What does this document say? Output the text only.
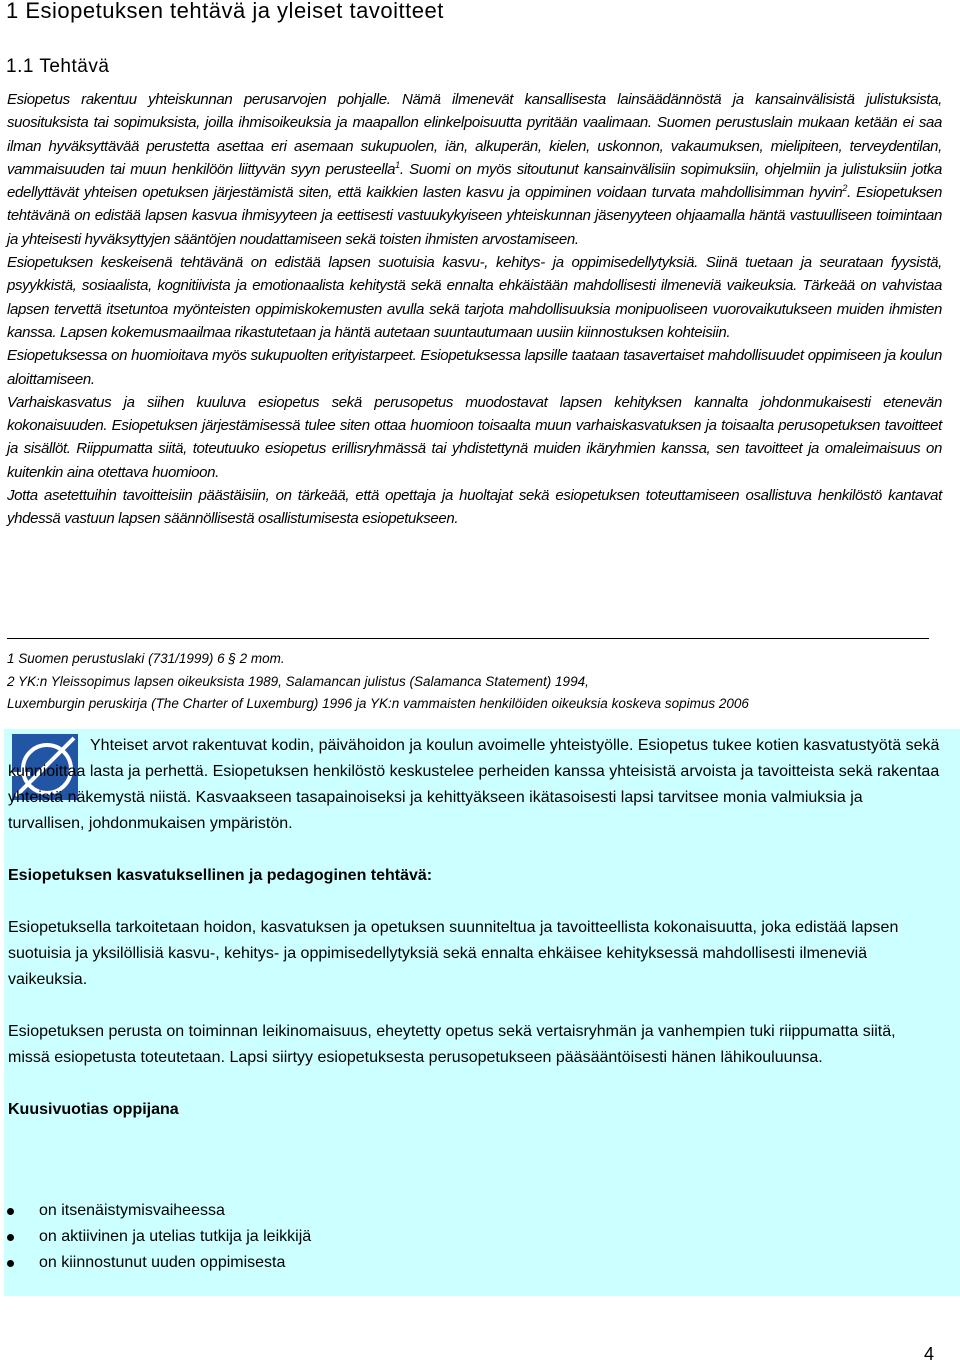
1 Esiopetuksen tehtävä ja yleiset tavoitteet
1.1 Tehtävä

Esiopetus rakentuu yhteiskunnan perusarvojen pohjalle. Nämä ilmenevät kansallisesta lainsäädännöstä ja kansainvälisistä julistuksista, suosituksista tai sopimuksista, joilla ihmisoikeuksia ja maapallon elinkelpoisuutta pyritään vaalimaan. Suomen perustuslain mukaan ketään ei saa ilman hyväksyttävää perustetta asettaa eri asemaan sukupuolen, iän, alkuperän, kielen, uskonnon, vakaumuksen, mielipiteen, terveydentilan, vammaisuuden tai muun henkilöön liittyvän syyn perusteella$^1$. Suomi on myös sitoutunut kansainvälisiin sopimuksiin, ohjelmiin ja julistuksiin jotka edellyttävät yhteisen opetuksen järjestämistä siten, että kaikkien lasten kasvu ja oppiminen voidaan turvata mahdollisimman hyvin$^2$. Esiopetuksen tehtävänä on edistää lapsen kasvua ihmisyyteen ja eettisesti vastuukykyiseen yhteiskunnan jäsenyyteen ohjaamalla häntä vastuulliseen toimintaan ja yhteisesti hyväksyttyjen sääntöjen noudattamiseen sekä toisten ihmisten arvostamiseen.

Esiopetuksen keskeisenä tehtävänä on edistää lapsen suotuisia kasvu-, kehitys- ja oppimisedellytyksiä. Siinä tuetaan ja seurataan fyysistä, psyykkistä, sosiaalista, kognitiivista ja emotionaalista kehitystä sekä ennalta ehkäistään mahdollisesti ilmeneviä vaikeuksia. Tärkeää on vahvistaa lapsen tervettä itsetuntoa myönteisten oppimiskokemusten avulla sekä tarjota mahdollisuuksia monipuoliseen vuorovaikutukseen muiden ihmisten kanssa. Lapsen kokemusmaailmaa rikastutetaan ja häntä autetaan suuntautumaan uusiin kiinnostuksen kohteisiin.

Esiopetuksessa on huomioitava myös sukupuolten erityistarpeet. Esiopetuksessa lapsille taataan tasavertaiset mahdollisuudet oppimiseen ja koulun aloittamiseen.

Varhaiskasvatus ja siihen kuuluva esiopetus sekä perusopetus muodostavat lapsen kehityksen kannalta johdonmukaisesti etenevän kokonaisuuden. Esiopetuksen järjestämisessä tulee siten ottaa huomioon toisaalta muun varhaiskasvatuksen ja toisaalta perusopetuksen tavoitteet ja sisällöt. Riippumatta siitä, toteutuuko esiopetus erillisryhmässä tai yhdistettynä muiden ikäryhmien kanssa, sen tavoitteet ja omaleimaisuus on kuitenkin aina otettava huomioon.

Jotta asetettuihin tavoitteisiin päästäisiin, on tärkeää, että opettaja ja huoltajat sekä esiopetuksen toteuttamiseen osallistuva henkilöstö kantavat yhdessä vastuun lapsen säännöllisestä osallistumisesta esiopetukseen.

1 Suomen perustuslaki (731/1999) 6 § 2 mom.
2 YK:n Yleissopimus lapsen oikeuksista 1989, Salamancan julistus (Salamanca Statement) 1994,
Luxemburgin peruskirja (The Charter of Luxemburg) 1996 ja YK:n vammaisten henkilöiden oikeuksia koskeva sopimus 2006

Yhteiset arvot rakentuvat kodin, päivähoidon ja koulun avoimelle yhteistyölle. Esiopetus tukee kotien kasvatustyötä sekä kunnioittaa lasta ja perhettä. Esiopetuksen henkilöstö keskustelee perheiden kanssa yhteisistä arvoista ja tavoitteista sekä rakentaa yhteistä näkemystä niistä. Kasvaakseen tasapainoiseksi ja kehittyäkseen ikätasoisesti lapsi tarvitsee monia valmiuksia ja turvallisen, johdonmukaisen ympäristön.

Esiopetuksen kasvatuksellinen ja pedagoginen tehtävä:

Esiopetuksella tarkoitetaan hoidon, kasvatuksen ja opetuksen suunniteltua ja tavoitteellista kokonaisuutta, joka edistää lapsen suotuisia ja yksilöllisiä kasvu-, kehitys- ja oppimisedellytyksiä sekä ennalta ehkäisee kehityksessä mahdollisesti ilmeneviä vaikeuksia.

Esiopetuksen perusta on toiminnan leikinomaisuus, eheytetty opetus sekä vertaisryhmän ja vanhempien tuki riippumatta siitä, missä esiopetusta toteutetaan. Lapsi siirtyy esiopetuksesta perusopetukseen pääsääntöisesti hänen lähikouluunsa.

Kuusivuotias oppijana

on itsenäistymisvaiheessa
on aktiivinen ja utelias tutkija ja leikkijä
on kiinnostunut uuden oppimisesta
4
